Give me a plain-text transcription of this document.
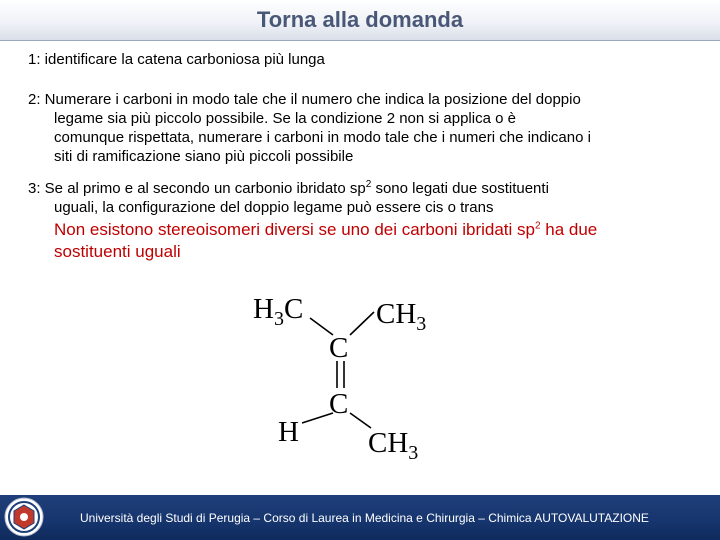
Torna alla domanda
1: identificare la catena carboniosa più lunga
2: Numerare i carboni in modo tale che il numero che indica la posizione del doppio
legame sia più piccolo possibile. Se la condizione 2 non si applica o è
comunque rispettata, numerare i carboni in modo tale che i numeri che indicano i
siti di ramificazione siano più piccoli possibile
3: Se al primo e al secondo un carbonio ibridato $sp^2$ sono legati due sostituenti
uguali, la configurazione del doppio legame può essere cis o trans
Non esistono stereoisomeri diversi se uno dei carboni ibridati $sp^2$ ha due
sostituenti uguali
$H_3C$	$CH_3$
C
C
H $CH_3$
Università degli Studi di Perugia – Corso di Laurea in Medicina e Chirurgia – Chimica AUTOVALUTAZIONE
